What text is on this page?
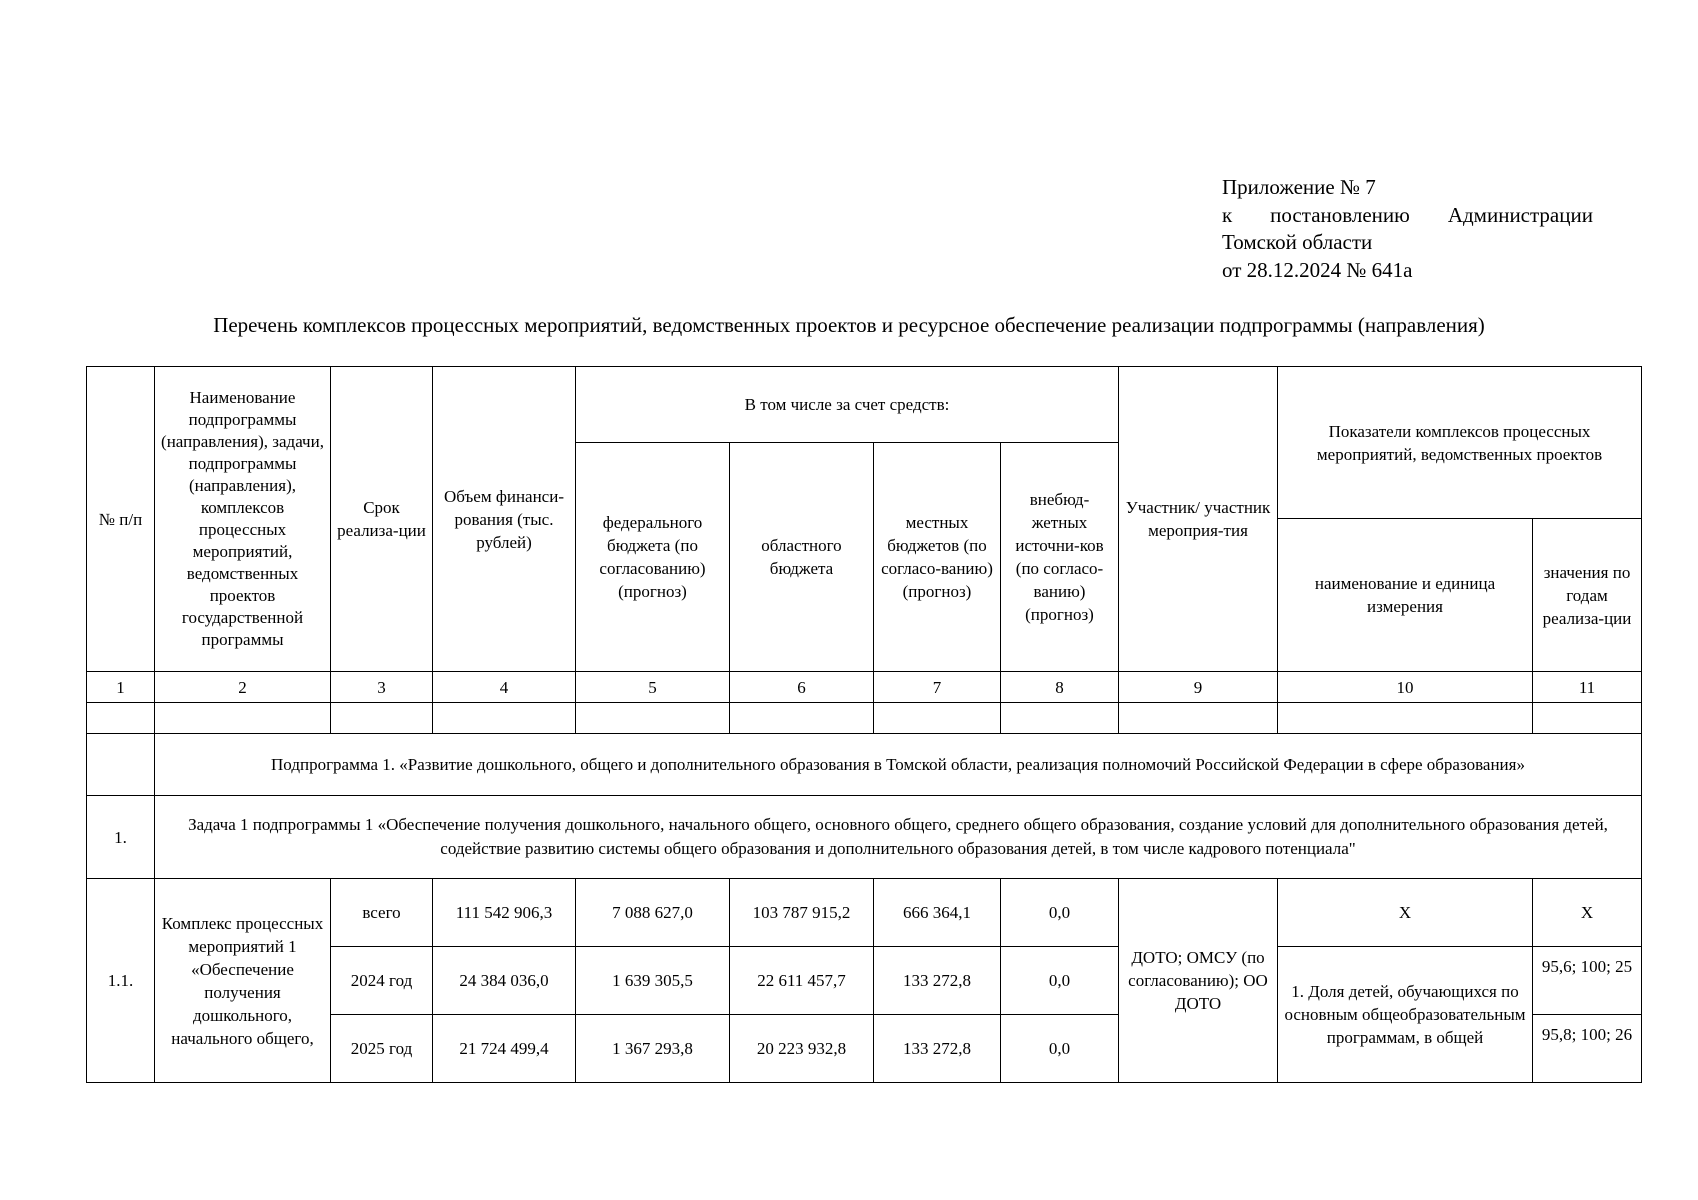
Приложение № 7
к постановлению Администрации
Томской области
от 28.12.2024 № 641а
Перечень комплексов процессных мероприятий, ведомственных проектов и ресурсное обеспечение реализации подпрограммы (направления)
№ п/п	Наименование подпрограммы (направления), задачи, подпрограммы (направления), комплексов процессных мероприятий, ведомственных проектов государственной программы	Срок реализа-ции	Объем финанси-рования (тыс. рублей)	В том числе за счет средств:				Участник/ участник мероприя-тия	Показатели комплексов процессных мероприятий, ведомственных проектов	
				федерального бюджета (по согласованию) (прогноз)	областного бюджета	местных бюджетов (по согласо-ванию) (прогноз)	внебюд-жетных источни-ков (по согласо-ванию) (прогноз)			
									наименование и единица измерения	значения по годам реализа-ции
1	2	3	4	5	6	7	8	9	10	11

	Подпрограмма 1. «Развитие дошкольного, общего и дополнительного образования в Томской области, реализация полномочий Российской Федерации в сфере образования»									
1.	Задача 1 подпрограммы 1 «Обеспечение получения дошкольного, начального общего, основного общего, среднего общего образования, создание условий для дополнительного образования детей, содействие развитию системы общего образования и дополнительного образования детей, в том числе кадрового потенциала"									
1.1.	Комплекс процессных мероприятий 1 «Обеспечение получения дошкольного, начального общего,	всего	111 542 906,3	7 088 627,0	103 787 915,2	666 364,1	0,0	ДОТО; ОМСУ (по согласованию); ОО ДОТО	X	X
		2024 год	24 384 036,0	1 639 305,5	22 611 457,7	133 272,8	0,0		1. Доля детей, обучающихся по основным общеобразовательным программам, в общей	95,6; 100; 25
		2025 год	21 724 499,4	1 367 293,8	20 223 932,8	133 272,8	0,0			95,8; 100; 26
